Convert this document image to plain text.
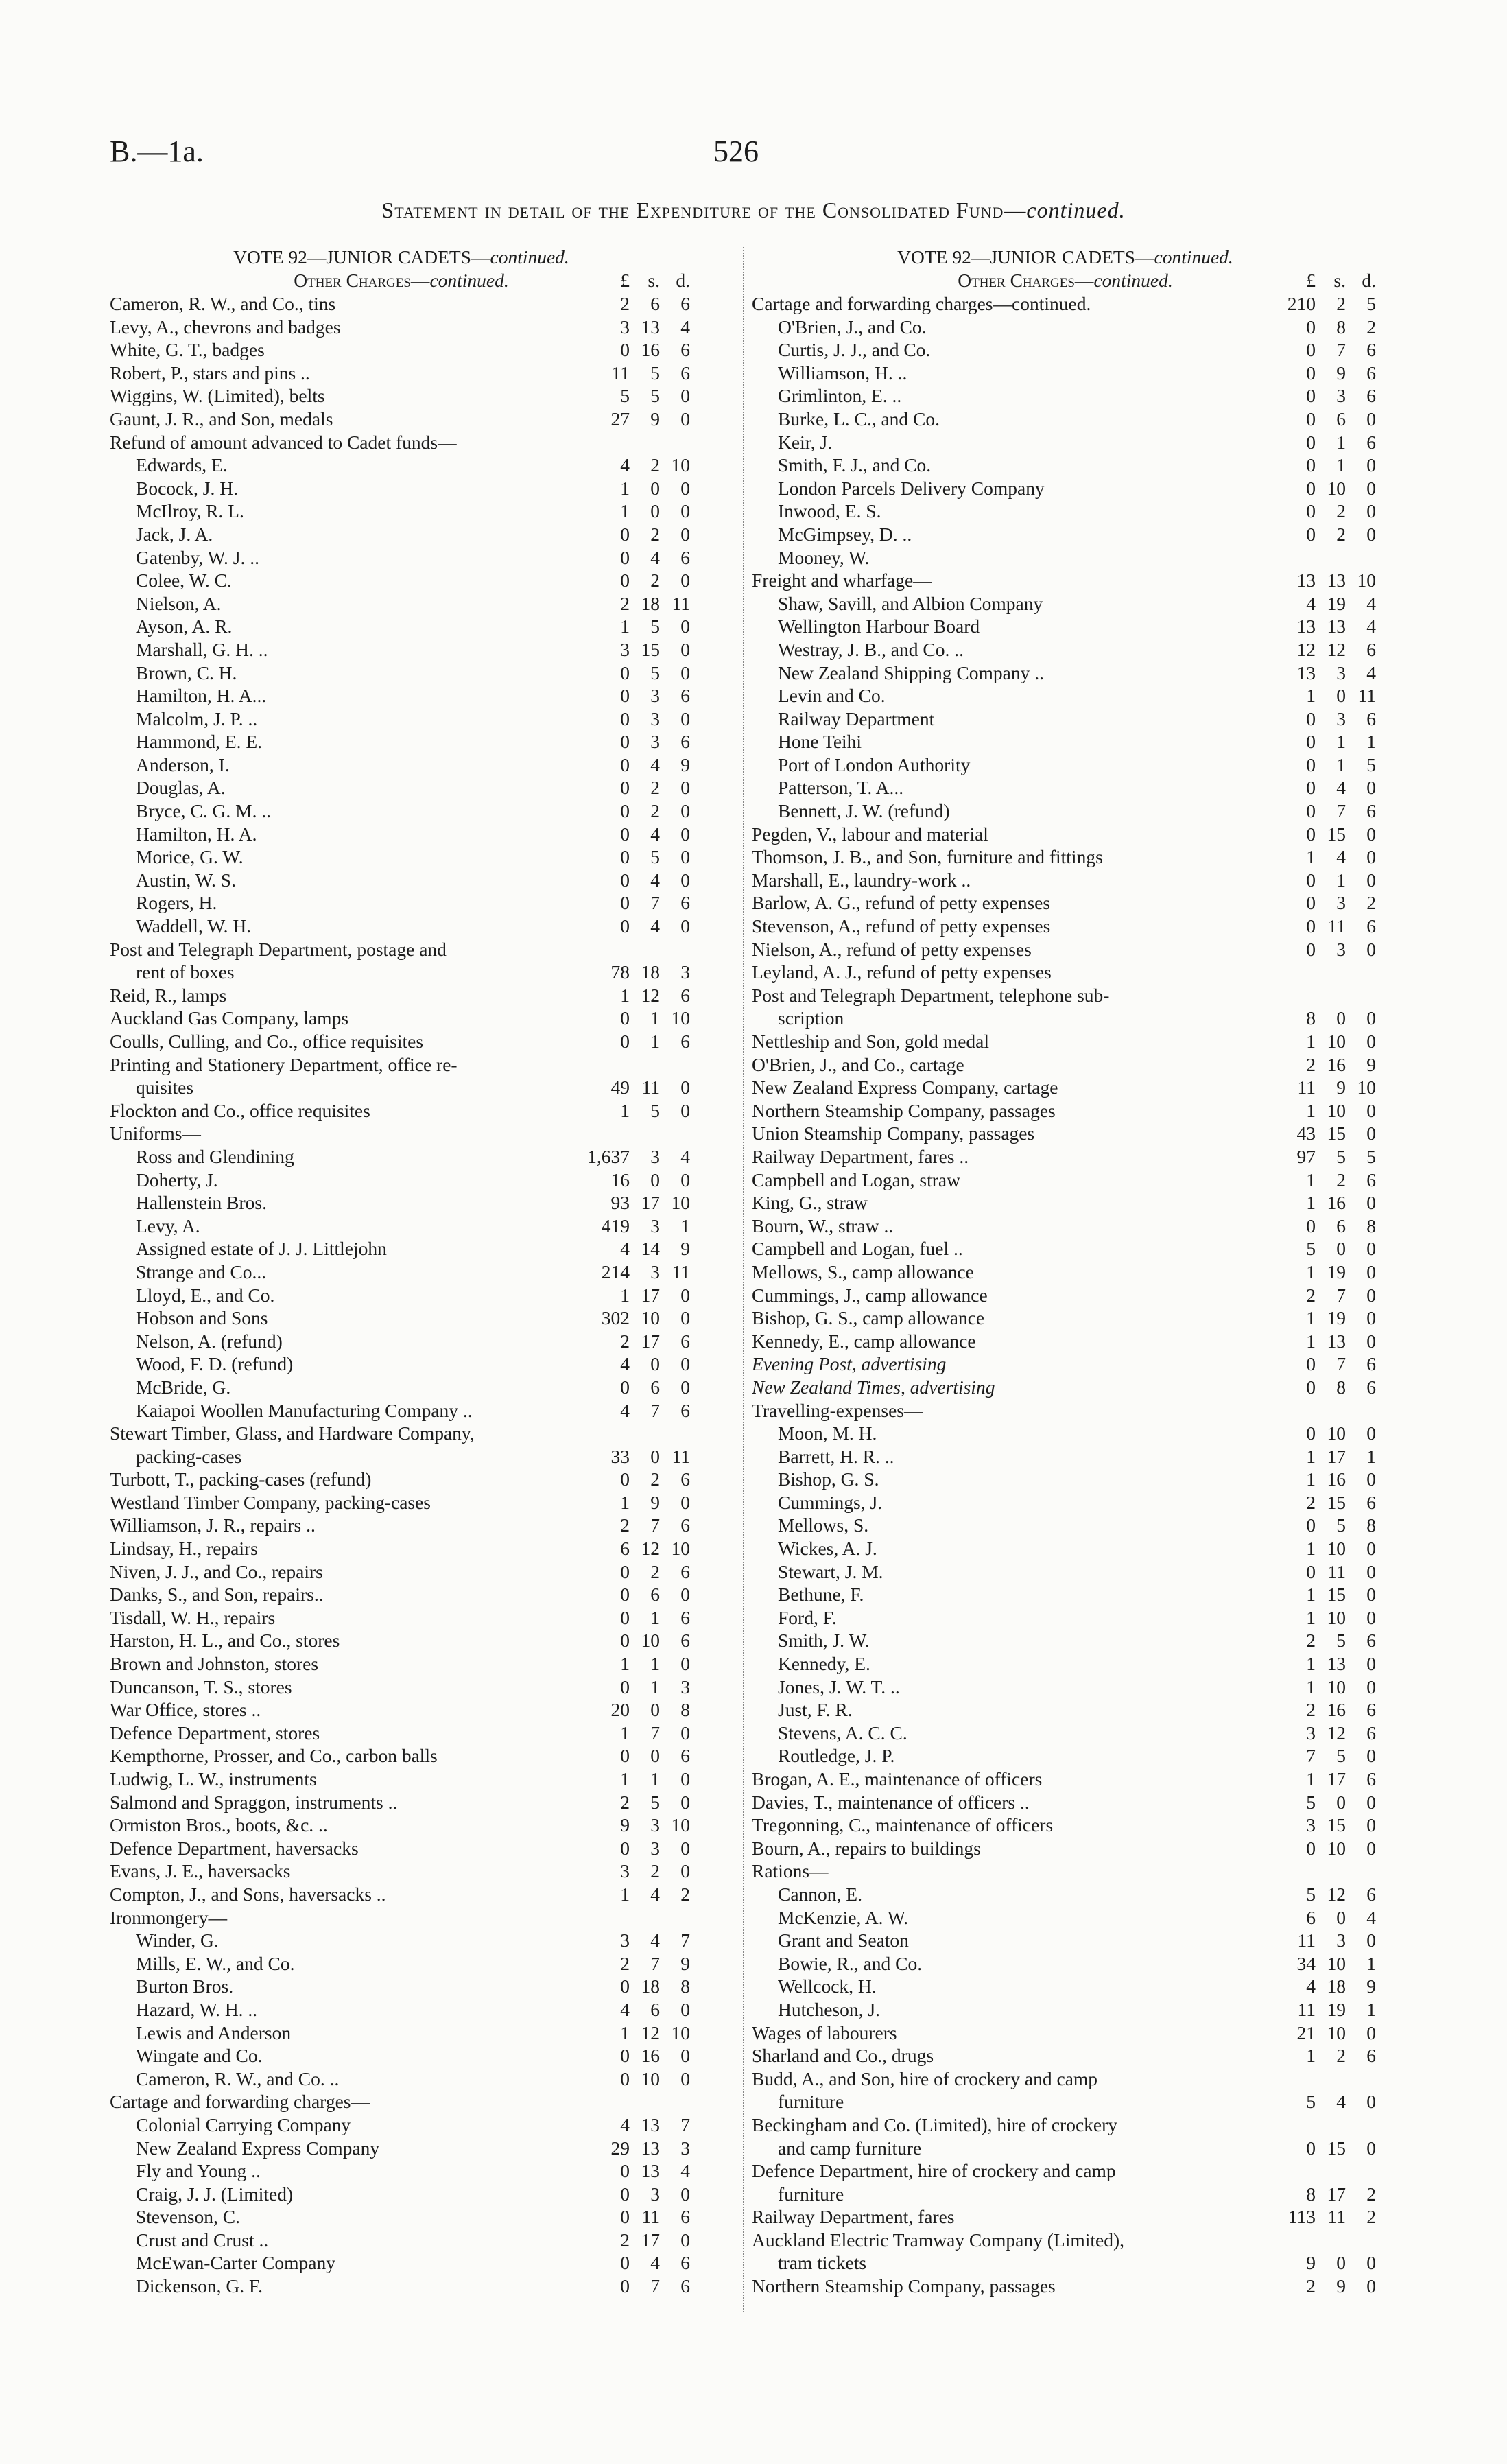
B.—1a.	526
Statement in detail of the Expenditure of the Consolidated Fund—continued.
VOTE 92—JUNIOR CADETS—continued.
Other Charges—continued.	£ s. d.
Cameron, R. W., and Co., tins	2	6	6
Levy, A., chevrons and badges	3 13	4
White, G. T., badges	0 16	6
Robert, P., stars and pins ..	11	5	6
Wiggins, W. (Limited), belts	5	5	0
Gaunt, J. R., and Son, medals	27	9	0
Refund of amount advanced to Cadet funds—
Edwards, E.	4	2 10
Bocock, J. H.	1	0	0
McIlroy, R. L.	1	0	0
Jack, J. A.	0	2	0
Gatenby, W. J. ..	0	4	6
Colee, W. C.	0	2	0
Nielson, A.	2 18 11
Ayson, A. R.	1	5	0
Marshall, G. H. ..	3 15	0
Brown, C. H.	0	5	0
Hamilton, H. A...	0	3	6
Malcolm, J. P. ..	0	3	0
Hammond, E. E.	0	3	6
Anderson, I.	0	4	9
Douglas, A.	0	2	0
Bryce, C. G. M. ..	0	2	0
Hamilton, H. A.	0	4	0
Morice, G. W.	0	5	0
Austin, W. S.	0	4	0
Rogers, H.	0	7	6
Waddell, W. H.	0	4	0
Post and Telegraph Department, postage and
rent of boxes	78 18	3
Reid, R., lamps	1 12	6
Auckland Gas Company, lamps	0	1 10
Coulls, Culling, and Co., office requisites	0	1	6
Printing and Stationery Department, office re-
quisites	49 11	0
Flockton and Co., office requisites	1	5	0
Uniforms—
Ross and Glendining	1,637	3	4
Doherty, J.	16	0	0
Hallenstein Bros.	93 17 10
Levy, A.	419	3	1
Assigned estate of J. J. Littlejohn	4 14	9
Strange and Co...	214	3 11
Lloyd, E., and Co.	1 17	0
Hobson and Sons	302 10	0
Nelson, A. (refund)	2 17	6
Wood, F. D. (refund)	4	0	0
McBride, G.	0	6	0
Kaiapoi Woollen Manufacturing Company ..	4	7	6
Stewart Timber, Glass, and Hardware Company,
packing-cases	33	0 11
Turbott, T., packing-cases (refund)	0	2	6
Westland Timber Company, packing-cases	1	9	0
Williamson, J. R., repairs ..	2	7	6
Lindsay, H., repairs	6 12 10
Niven, J. J., and Co., repairs	0	2	6
Danks, S., and Son, repairs..	0	6	0
Tisdall, W. H., repairs	0	1	6
Harston, H. L., and Co., stores	0 10	6
Brown and Johnston, stores	1	1	0
Duncanson, T. S., stores	0	1	3
War Office, stores ..	20	0	8
Defence Department, stores	1	7	0
Kempthorne, Prosser, and Co., carbon balls	0	0	6
Ludwig, L. W., instruments	1	1	0
Salmond and Spraggon, instruments ..	2	5	0
Ormiston Bros., boots, &c. ..	9	3 10
Defence Department, haversacks	0	3	0
Evans, J. E., haversacks	3	2	0
Compton, J., and Sons, haversacks ..	1	4	2
Ironmongery—
Winder, G.	3	4	7
Mills, E. W., and Co.	2	7	9
Burton Bros.	0 18	8
Hazard, W. H. ..	4	6	0
Lewis and Anderson	1 12 10
Wingate and Co.	0 16	0
Cameron, R. W., and Co. ..	0 10	0
Cartage and forwarding charges—
Colonial Carrying Company	4 13	7
New Zealand Express Company	29 13	3
Fly and Young ..	0 13	4
Craig, J. J. (Limited)	0	3	0
Stevenson, C.	0 11	6
Crust and Crust ..	2 17	0
McEwan-Carter Company	0	4	6
Dickenson, G. F.	0	7	6
VOTE 92—JUNIOR CADETS—continued.
Other Charges—continued.	£ s. d.
Cartage and forwarding charges—continued.	210	2	5
O'Brien, J., and Co.	0	8	2
Curtis, J. J., and Co.	0	7	6
Williamson, H. ..	0	9	6
Grimlinton, E. ..	0	3	6
Burke, L. C., and Co.	0	6	0
Keir, J.	0	1	6
Smith, F. J., and Co.	0	1	0
London Parcels Delivery Company	0 10	0
Inwood, E. S.	0	2	0
McGimpsey, D. ..	0	2	0
Mooney, W.
Freight and wharfage—	13 13 10
Shaw, Savill, and Albion Company	4 19	4
Wellington Harbour Board	13 13	4
Westray, J. B., and Co. ..	12 12	6
New Zealand Shipping Company ..	13	3	4
Levin and Co.	1	0 11
Railway Department	0	3	6
Hone Teihi	0	1	1
Port of London Authority	0	1	5
Patterson, T. A...	0	4	0
Bennett, J. W. (refund)	0	7	6
Pegden, V., labour and material	0 15	0
Thomson, J. B., and Son, furniture and fittings	1	4	0
Marshall, E., laundry-work ..	0	1	0
Barlow, A. G., refund of petty expenses	0	3	2
Stevenson, A., refund of petty expenses	0 11	6
Nielson, A., refund of petty expenses	0	3	0
Leyland, A. J., refund of petty expenses
Post and Telegraph Department, telephone sub-
scription	8	0	0
Nettleship and Son, gold medal	1 10	0
O'Brien, J., and Co., cartage	2 16	9
New Zealand Express Company, cartage	11	9 10
Northern Steamship Company, passages	1 10	0
Union Steamship Company, passages	43 15	0
Railway Department, fares ..	97	5	5
Campbell and Logan, straw	1	2	6
King, G., straw	1 16	0
Bourn, W., straw ..	0	6	8
Campbell and Logan, fuel ..	5	0	0
Mellows, S., camp allowance	1 19	0
Cummings, J., camp allowance	2	7	0
Bishop, G. S., camp allowance	1 19	0
Kennedy, E., camp allowance	1 13	0
Evening Post, advertising	0	7	6
New Zealand Times, advertising	0	8	6
Travelling-expenses—
Moon, M. H.	0 10	0
Barrett, H. R. ..	1 17	1
Bishop, G. S.	1 16	0
Cummings, J.	2 15	6
Mellows, S.	0	5	8
Wickes, A. J.	1 10	0
Stewart, J. M.	0 11	0
Bethune, F.	1 15	0
Ford, F.	1 10	0
Smith, J. W.	2	5	6
Kennedy, E.	1 13	0
Jones, J. W. T. ..	1 10	0
Just, F. R.	2 16	6
Stevens, A. C. C.	3 12	6
Routledge, J. P.	7	5	0
Brogan, A. E., maintenance of officers	1 17	6
Davies, T., maintenance of officers ..	5	0	0
Tregonning, C., maintenance of officers	3 15	0
Bourn, A., repairs to buildings	0 10	0
Rations—
Cannon, E.	5 12	6
McKenzie, A. W.	6	0	4
Grant and Seaton	11	3	0
Bowie, R., and Co.	34 10	1
Wellcock, H.	4 18	9
Hutcheson, J.	11 19	1
Wages of labourers	21 10	0
Sharland and Co., drugs	1	2	6
Budd, A., and Son, hire of crockery and camp
furniture	5	4	0
Beckingham and Co. (Limited), hire of crockery
and camp furniture	0 15	0
Defence Department, hire of crockery and camp
furniture	8 17	2
Railway Department, fares	113 11	2
Auckland Electric Tramway Company (Limited),
tram tickets	9	0	0
Northern Steamship Company, passages	2	9	0
